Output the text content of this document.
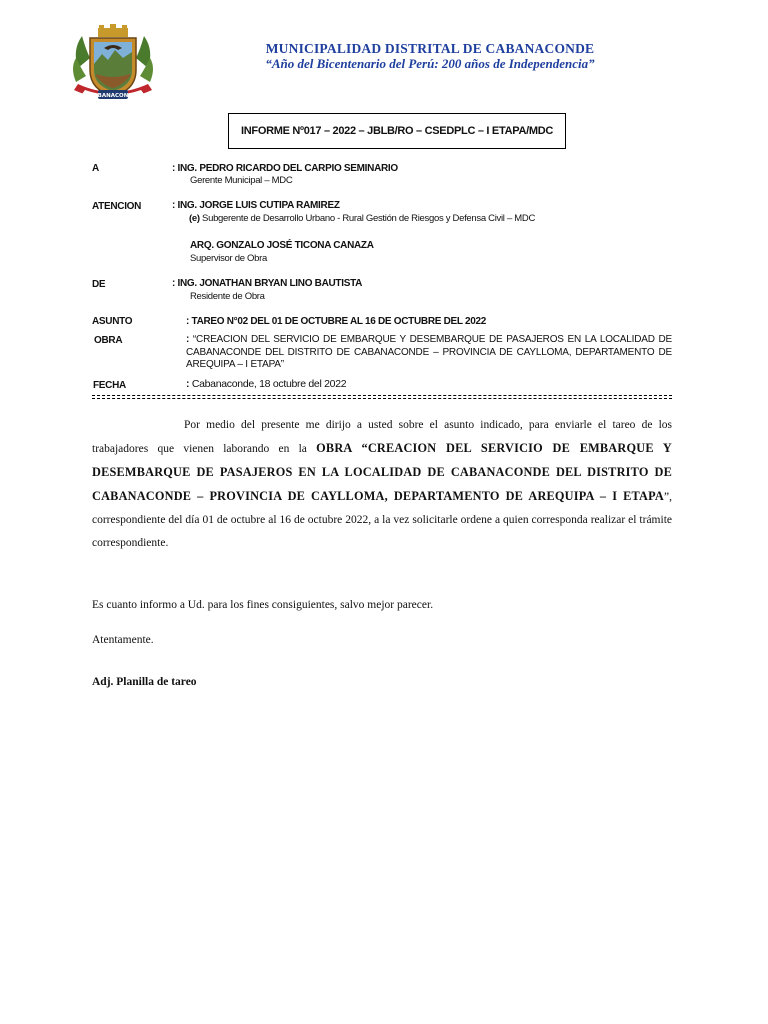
CABANACONDE
MUNICIPALIDAD DISTRITAL DE CABANACONDE
“Año del Bicentenario del Perú: 200 años de Independencia”
INFORME Nº017 – 2022 – JBLB/RO – CSEDPLC – I ETAPA/MDC
A	: ING. PEDRO RICARDO DEL CARPIO SEMINARIO
Gerente Municipal – MDC
ATENCION	: ING. JORGE LUIS CUTIPA RAMIREZ
(e) Subgerente de Desarrollo Urbano - Rural Gestión de Riesgos y Defensa Civil – MDC
ARQ. GONZALO JOSÉ TICONA CANAZA
Supervisor de Obra
DE	: ING. JONATHAN BRYAN LINO BAUTISTA
Residente de Obra
ASUNTO	: TAREO N°02 DEL 01 DE OCTUBRE AL 16 DE OCTUBRE DEL 2022
OBRA	: “CREACION DEL SERVICIO DE EMBARQUE Y DESEMBARQUE DE PASAJEROS EN LA LOCALIDAD DE CABANACONDE DEL DISTRITO DE CABANACONDE – PROVINCIA DE CAYLLOMA, DEPARTAMENTO DE AREQUIPA – I ETAPA”
FECHA	: Cabanaconde, 18 octubre del 2022
Por medio del presente me dirijo a usted sobre el asunto indicado, para enviarle el tareo de los trabajadores que vienen laborando en la OBRA “CREACION DEL SERVICIO DE EMBARQUE Y DESEMBARQUE DE PASAJEROS EN LA LOCALIDAD DE CABANACONDE DEL DISTRITO DE CABANACONDE – PROVINCIA DE CAYLLOMA, DEPARTAMENTO DE AREQUIPA – I ETAPA”, correspondiente del día 01 de octubre al 16 de octubre 2022, a la vez solicitarle ordene a quien corresponda realizar el trámite correspondiente.
Es cuanto informo a Ud. para los fines consiguientes, salvo mejor parecer.
Atentamente.
Adj. Planilla de tareo
